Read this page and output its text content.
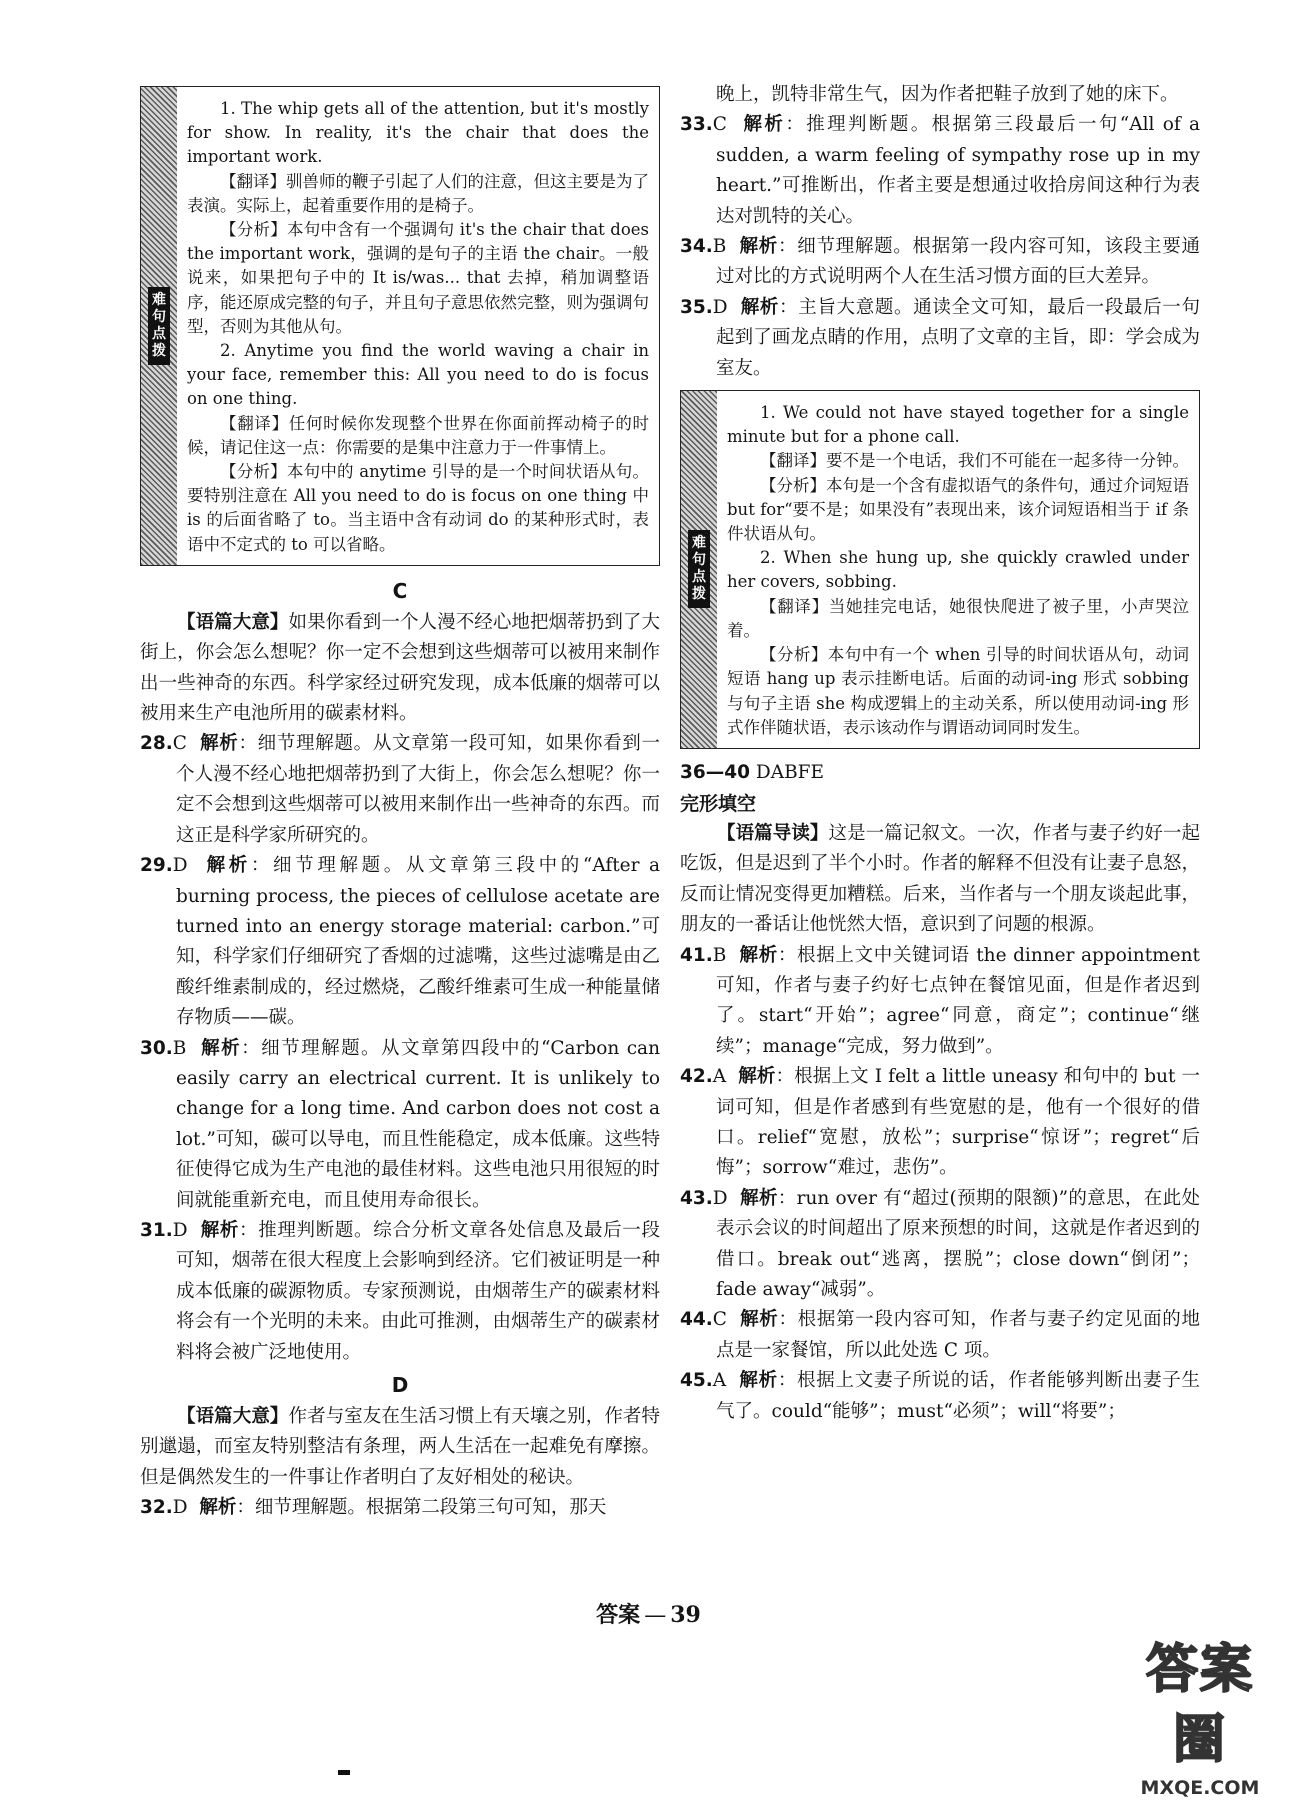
难句点拨

1. The whip gets all of the attention, but it's mostly for show. In reality, it's the chair that does the important work.

【翻译】驯兽师的鞭子引起了人们的注意，但这主要是为了表演。实际上，起着重要作用的是椅子。

【分析】本句中含有一个强调句 it's the chair that does the important work，强调的是句子的主语 the chair。一般说来，如果把句子中的 It is/was... that 去掉，稍加调整语序，能还原成完整的句子，并且句子意思依然完整，则为强调句型，否则为其他从句。

2. Anytime you find the world waving a chair in your face, remember this: All you need to do is focus on one thing.

【翻译】任何时候你发现整个世界在你面前挥动椅子的时候，请记住这一点：你需要的是集中注意力于一件事情上。

【分析】本句中的 anytime 引导的是一个时间状语从句。要特别注意在 All you need to do is focus on one thing 中 is 的后面省略了 to。当主语中含有动词 do 的某种形式时，表语中不定式的 to 可以省略。

C

【语篇大意】如果你看到一个人漫不经心地把烟蒂扔到了大街上，你会怎么想呢？你一定不会想到这些烟蒂可以被用来制作出一些神奇的东西。科学家经过研究发现，成本低廉的烟蒂可以被用来生产电池所用的碳素材料。

28.C 解析：细节理解题。从文章第一段可知，如果你看到一个人漫不经心地把烟蒂扔到了大街上，你会怎么想呢？你一定不会想到这些烟蒂可以被用来制作出一些神奇的东西。而这正是科学家所研究的。

29.D 解析：细节理解题。从文章第三段中的“After a burning process, the pieces of cellulose acetate are turned into an energy storage material: carbon.”可知，科学家们仔细研究了香烟的过滤嘴，这些过滤嘴是由乙酸纤维素制成的，经过燃烧，乙酸纤维素可生成一种能量储存物质——碳。

30.B 解析：细节理解题。从文章第四段中的“Carbon can easily carry an electrical current. It is unlikely to change for a long time. And carbon does not cost a lot.”可知，碳可以导电，而且性能稳定，成本低廉。这些特征使得它成为生产电池的最佳材料。这些电池只用很短的时间就能重新充电，而且使用寿命很长。

31.D 解析：推理判断题。综合分析文章各处信息及最后一段可知，烟蒂在很大程度上会影响到经济。它们被证明是一种成本低廉的碳源物质。专家预测说，由烟蒂生产的碳素材料将会有一个光明的未来。由此可推测，由烟蒂生产的碳素材料将会被广泛地使用。

D

【语篇大意】作者与室友在生活习惯上有天壤之别，作者特别邋遢，而室友特别整洁有条理，两人生活在一起难免有摩擦。但是偶然发生的一件事让作者明白了友好相处的秘诀。

32.D 解析：细节理解题。根据第二段第三句可知，那天

晚上，凯特非常生气，因为作者把鞋子放到了她的床下。

33.C 解析：推理判断题。根据第三段最后一句“All of a sudden, a warm feeling of sympathy rose up in my heart.”可推断出，作者主要是想通过收拾房间这种行为表达对凯特的关心。

34.B 解析：细节理解题。根据第一段内容可知，该段主要通过对比的方式说明两个人在生活习惯方面的巨大差异。

35.D 解析：主旨大意题。通读全文可知，最后一段最后一句起到了画龙点睛的作用，点明了文章的主旨，即：学会成为室友。

难句点拨

1. We could not have stayed together for a single minute but for a phone call.

【翻译】要不是一个电话，我们不可能在一起多待一分钟。

【分析】本句是一个含有虚拟语气的条件句，通过介词短语 but for“要不是；如果没有”表现出来，该介词短语相当于 if 条件状语从句。

2. When she hung up, she quickly crawled under her covers, sobbing.

【翻译】当她挂完电话，她很快爬进了被子里，小声哭泣着。

【分析】本句中有一个 when 引导的时间状语从句，动词短语 hang up 表示挂断电话。后面的动词-ing 形式 sobbing 与句子主语 she 构成逻辑上的主动关系，所以使用动词-ing 形式作伴随状语，表示该动作与谓语动词同时发生。

36—40 DABFE

完形填空

【语篇导读】这是一篇记叙文。一次，作者与妻子约好一起吃饭，但是迟到了半个小时。作者的解释不但没有让妻子息怒，反而让情况变得更加糟糕。后来，当作者与一个朋友谈起此事，朋友的一番话让他恍然大悟，意识到了问题的根源。

41.B 解析：根据上文中关键词语 the dinner appointment 可知，作者与妻子约好七点钟在餐馆见面，但是作者迟到了。start“开始”；agree“同意，商定”；continue“继续”；manage“完成，努力做到”。

42.A 解析：根据上文 I felt a little uneasy 和句中的 but 一词可知，但是作者感到有些宽慰的是，他有一个很好的借口。relief“宽慰，放松”；surprise“惊讶”；regret“后悔”；sorrow“难过，悲伤”。

43.D 解析：run over 有“超过(预期的限额)”的意思，在此处表示会议的时间超出了原来预想的时间，这就是作者迟到的借口。break out“逃离，摆脱”；close down“倒闭”；fade away“减弱”。

44.C 解析：根据第一段内容可知，作者与妻子约定见面的地点是一家餐馆，所以此处选 C 项。

45.A 解析：根据上文妻子所说的话，作者能够判断出妻子生气了。could“能够”；must“必须”；will“将要”；

答案 — 39
答案圈
MXQE.COM
